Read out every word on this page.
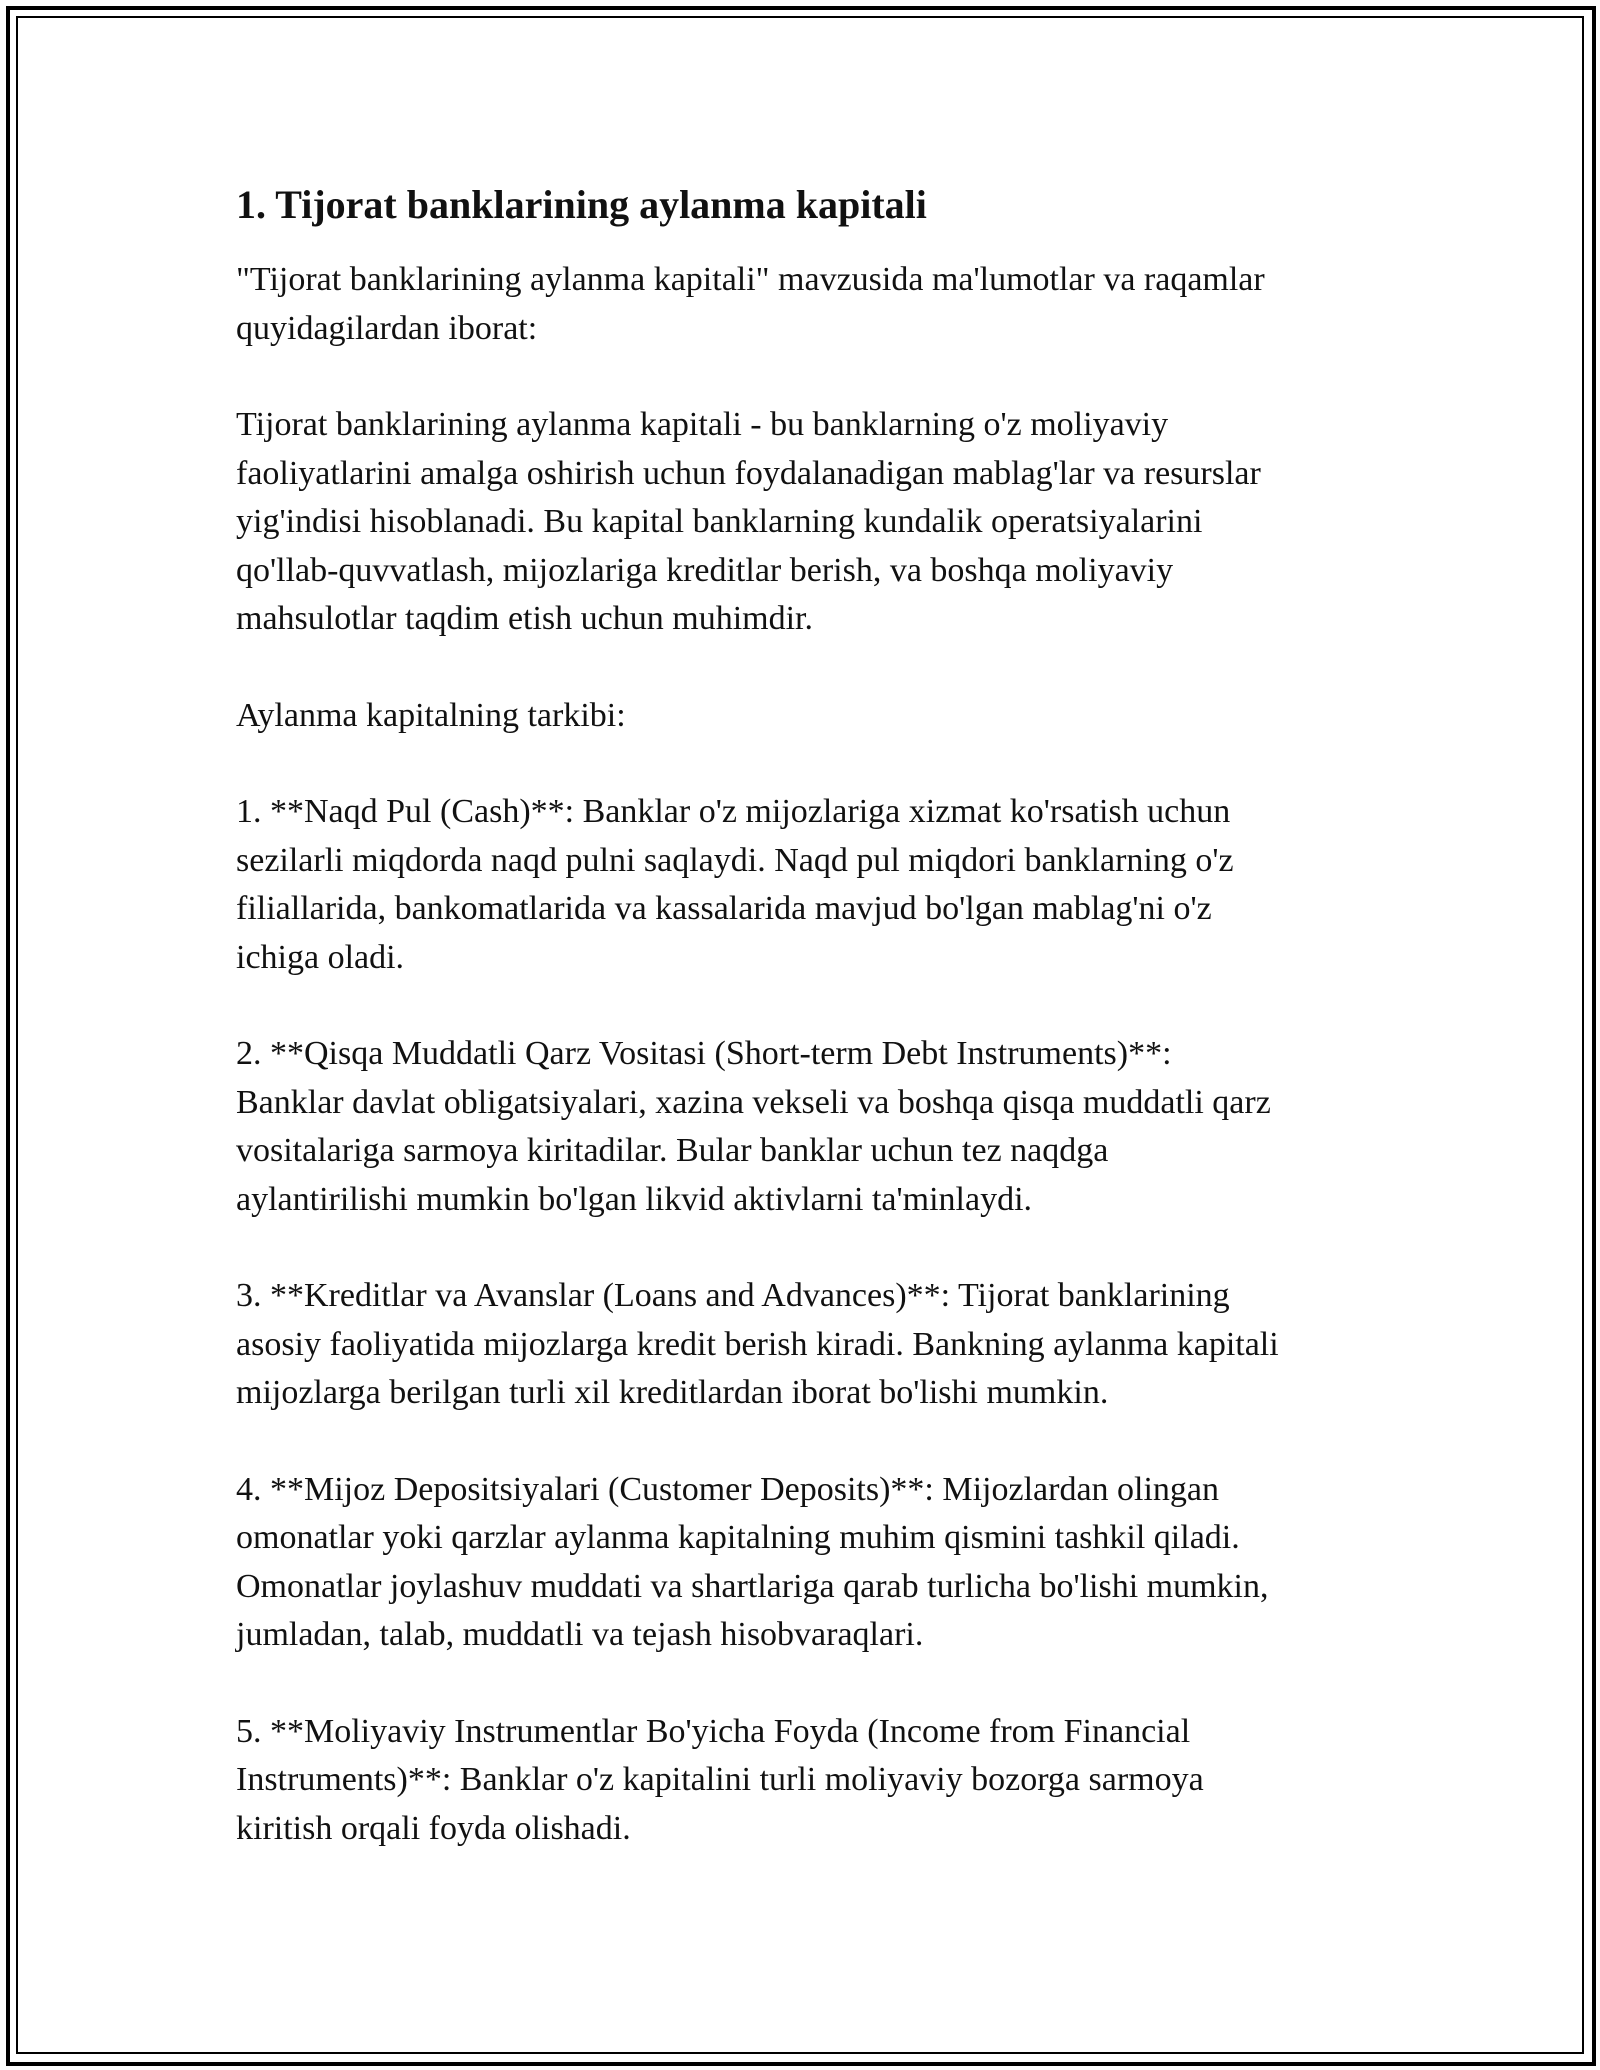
1. Tijorat banklarining aylanma kapitali

"Tijorat banklarining aylanma kapitali" mavzusida ma'lumotlar va raqamlar
quyidagilardan iborat:

Tijorat banklarining aylanma kapitali - bu banklarning o'z moliyaviy
faoliyatlarini amalga oshirish uchun foydalanadigan mablag'lar va resurslar
yig'indisi hisoblanadi. Bu kapital banklarning kundalik operatsiyalarini
qo'llab-quvvatlash, mijozlariga kreditlar berish, va boshqa moliyaviy
mahsulotlar taqdim etish uchun muhimdir.

Aylanma kapitalning tarkibi:

1. **Naqd Pul (Cash)**: Banklar o'z mijozlariga xizmat ko'rsatish uchun
sezilarli miqdorda naqd pulni saqlaydi. Naqd pul miqdori banklarning o'z
filiallarida, bankomatlarida va kassalarida mavjud bo'lgan mablag'ni o'z
ichiga oladi.

2. **Qisqa Muddatli Qarz Vositasi (Short-term Debt Instruments)**:
Banklar davlat obligatsiyalari, xazina vekseli va boshqa qisqa muddatli qarz
vositalariga sarmoya kiritadilar. Bular banklar uchun tez naqdga
aylantirilishi mumkin bo'lgan likvid aktivlarni ta'minlaydi.

3. **Kreditlar va Avanslar (Loans and Advances)**: Tijorat banklarining
asosiy faoliyatida mijozlarga kredit berish kiradi. Bankning aylanma kapitali
mijozlarga berilgan turli xil kreditlardan iborat bo'lishi mumkin.

4. **Mijoz Depositsiyalari (Customer Deposits)**: Mijozlardan olingan
omonatlar yoki qarzlar aylanma kapitalning muhim qismini tashkil qiladi.
Omonatlar joylashuv muddati va shartlariga qarab turlicha bo'lishi mumkin,
jumladan, talab, muddatli va tejash hisobvaraqlari.

5. **Moliyaviy Instrumentlar Bo'yicha Foyda (Income from Financial
Instruments)**: Banklar o'z kapitalini turli moliyaviy bozorga sarmoya
kiritish orqali foyda olishadi.
